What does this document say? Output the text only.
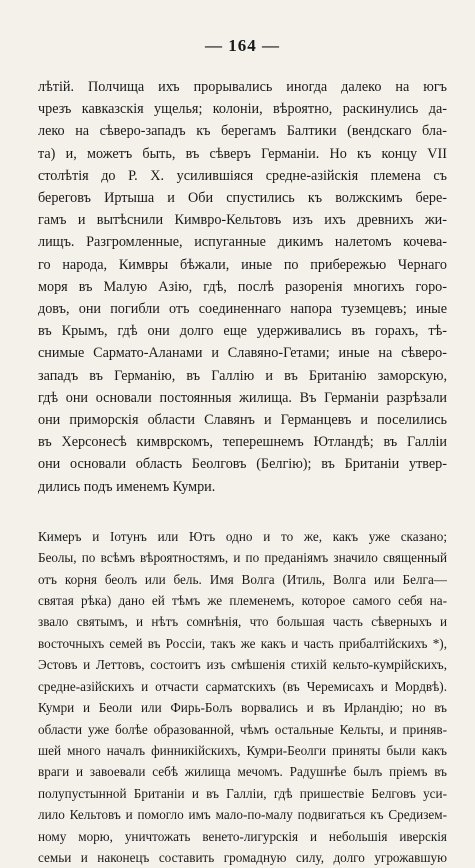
— 164 —
лѣтій. Полчища ихъ прорывались иногда далеко на югъ
чрезъ кавказскія ущелья; колоніи, вѣроятно, раскинулись да-
леко на сѣверо-западъ къ берегамъ Балтики (вендскаго бла-
та) и, можетъ быть, въ сѣверъ Германіи. Но къ концу VII
столѣтія до Р. Х. усилившіяся средне-азійскія племена съ
береговъ Иртыша и Оби спустились къ волжскимъ бере-
гамъ и вытѣснили Кимвро-Кельтовъ изъ ихъ древнихъ жи-
лищъ. Разгромленные, испуганные дикимъ налетомъ кочева-
го народа, Кимвры бѣжали, иные по прибережью Чернаго
моря въ Малую Азію, гдѣ, послѣ разоренія многихъ горо-
довъ, они погибли отъ соединеннаго напора туземцевъ; иные
въ Крымъ, гдѣ они долго еще удерживались въ горахъ, тѣ-
снимые Сармато-Аланами и Славяно-Гетами; иные на сѣверо-
западъ въ Германію, въ Галлію и въ Британію заморскую,
гдѣ они основали постоянныя жилища. Въ Германіи разрѣзали
они приморскія области Славянъ и Германцевъ и поселились
въ Херсонесѣ кимврскомъ, теперешнемъ Ютландѣ; въ Галліи
они основали область Беолговъ (Белгію); въ Британіи утвер-
дились подъ именемъ Кумри.
Кимеръ и Іотунъ или Ютъ одно и то же, какъ уже сказано;
Беолы, по всѣмъ вѣроятностямъ, и по преданіямъ значило священный
отъ корня беолъ или бель. Имя Волга (Итиль, Волга или Белга—
святая рѣка) дано ей тѣмъ же племенемъ, которое самого себя на-
звало святымъ, и нѣтъ сомнѣнія, что большая часть сѣверныхъ и
восточныхъ семей въ Россіи, такъ же какъ и часть прибалтійскихъ *),
Эстовъ и Леттовъ, состоитъ изъ смѣшенія стихій кельто-кумрійскихъ,
средне-азійскихъ и отчасти сарматскихъ (въ Черемисахъ и Мордвѣ).
Кумри и Беоли или Фирь-Болъ ворвались и въ Ирландію; но въ
области уже болѣе образованной, чѣмъ остальные Кельты, и приняв-
шей много началъ финникійскихъ, Кумри-Беолги приняты были какъ
враги и завоевали себѣ жилища мечомъ. Радушнѣе былъ пріемъ въ
полупустынной Британіи и въ Галліи, гдѣ пришествіе Белговъ уси-
лило Кельтовъ и помогло имъ мало-по-малу подвигаться къ Средизем-
ному морю, уничтожать венето-лигурскія и небольшія иверскія
семьи и наконецъ составить громадную силу, долго угрожавшую
